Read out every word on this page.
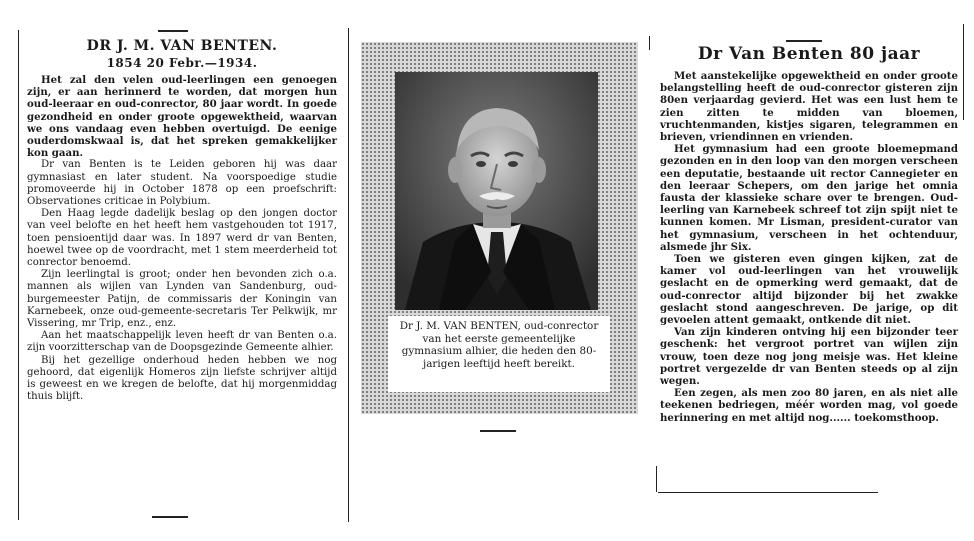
DR J. M. VAN BENTEN.
1854 20 Febr.—1934.

Het zal den velen oud-leerlingen een genoegen zijn, er aan herinnerd te worden, dat morgen hun oud-leeraar en oud-conrector, 80 jaar wordt. In goede gezondheid en onder groote opgewektheid, waarvan we ons vandaag even hebben overtuigd. De eenige ouderdomskwaal is, dat het spreken gemakkelijker kon gaan.

Dr van Benten is te Leiden geboren hij was daar gymnasiast en later student. Na voorspoedige studie promoveerde hij in October 1878 op een proefschrift: Observationes criticae in Polybium.

Den Haag legde dadelijk beslag op den jongen doctor van veel belofte en het heeft hem vastgehouden tot 1917, toen pensioentijd daar was. In 1897 werd dr van Benten, hoewel twee op de voordracht, met 1 stem meerderheid tot conrector benoemd.

Zijn leerlingtal is groot; onder hen bevonden zich o.a. mannen als wijlen van Lynden van Sandenburg, oud-burgemeester Patijn, de commissaris der Koningin van Karnebeek, onze oud-gemeente-secretaris Ter Pelkwijk, mr Vissering, mr Trip, enz., enz.

Aan het maatschappelijk leven heeft dr van Benten o.a. zijn voorzitterschap van de Doopsgezinde Gemeente alhier.

Bij het gezellige onderhoud heden hebben we nog gehoord, dat eigenlijk Homeros zijn liefste schrijver altijd is geweest en we kregen de belofte, dat hij morgenmiddag thuis blijft.

Dr J. M. VAN BENTEN, oud-conrector van het eerste gemeentelijke gymnasium alhier, die heden den 80-jarigen leeftijd heeft bereikt.

Dr Van Benten 80 jaar

Met aanstekelijke opgewektheid en onder groote belangstelling heeft de oud-conrector gisteren zijn 80en verjaardag gevierd. Het was een lust hem te zien zitten te midden van bloemen, vruchtenmanden, kistjes sigaren, telegrammen en brieven, vriendinnen en vrienden.

Het gymnasium had een groote bloemepmand gezonden en in den loop van den morgen verscheen een deputatie, bestaande uit rector Cannegieter en den leeraar Schepers, om den jarige het omnia fausta der klassieke schare over te brengen. Oud-leerling van Karnebeek schreef tot zijn spijt niet te kunnen komen. Mr Lisman, president-curator van het gymnasium, verscheen in het ochtenduur, alsmede jhr Six.

Toen we gisteren even gingen kijken, zat de kamer vol oud-leerlingen van het vrouwelijk geslacht en de opmerking werd gemaakt, dat de oud-conrector altijd bijzonder bij het zwakke geslacht stond aangeschreven. De jarige, op dit gevoelen attent gemaakt, ontkende dit niet.

Van zijn kinderen ontving hij een bijzonder teer geschenk: het vergroot portret van wijlen zijn vrouw, toen deze nog jong meisje was. Het kleine portret vergezelde dr van Benten steeds op al zijn wegen.

Een zegen, als men zoo 80 jaren, en als niet alle teekenen bedriegen, méér worden mag, vol goede herinnering en met altijd nog...... toekomsthoop.
